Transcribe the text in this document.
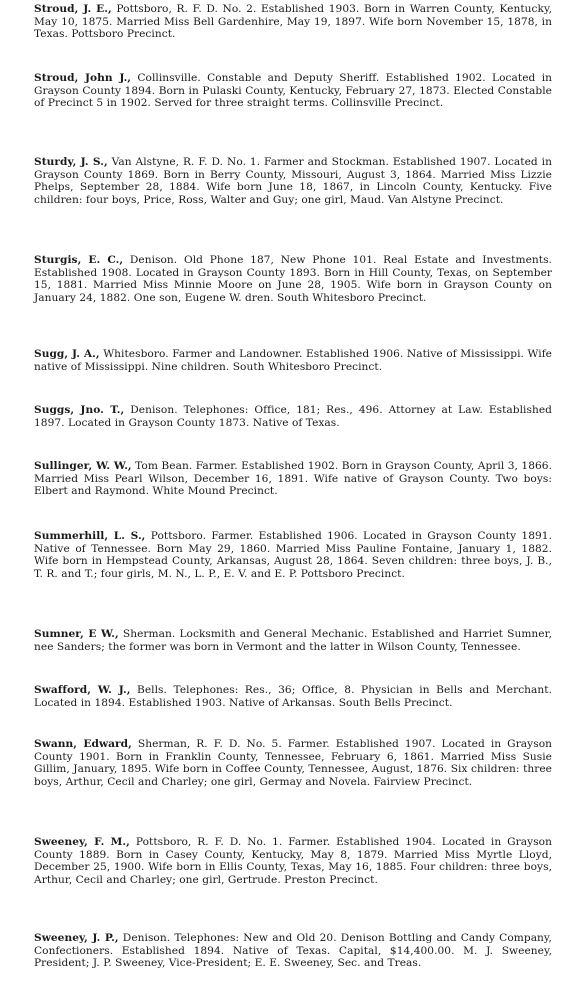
Stroud, J. E., Pottsboro, R. F. D. No. 2. Established 1903. Born in Warren County, Kentucky, May 10, 1875. Married Miss Bell Gardenhire, May 19, 1897. Wife born November 15, 1878, in Texas. Pottsboro Precinct.
Stroud, John J., Collinsville. Constable and Deputy Sheriff. Established 1902. Located in Grayson County 1894. Born in Pulaski County, Kentucky, February 27, 1873. Elected Constable of Precinct 5 in 1902. Served for three straight terms. Collinsville Precinct.
Sturdy, J. S., Van Alstyne, R. F. D. No. 1. Farmer and Stockman. Established 1907. Located in Grayson County 1869. Born in Berry County, Missouri, August 3, 1864. Married Miss Lizzie Phelps, September 28, 1884. Wife born June 18, 1867, in Lincoln County, Kentucky. Five children: four boys, Price, Ross, Walter and Guy; one girl, Maud. Van Alstyne Precinct.
Sturgis, E. C., Denison. Old Phone 187, New Phone 101. Real Estate and Investments. Established 1908. Located in Grayson County 1893. Born in Hill County, Texas, on September 15, 1881. Married Miss Minnie Moore on June 28, 1905. Wife born in Grayson County on January 24, 1882. One son, Eugene W. dren. South Whitesboro Precinct.
Sugg, J. A., Whitesboro. Farmer and Landowner. Established 1906. Native of Mississippi. Wife native of Mississippi. Nine children. South Whitesboro Precinct.
Suggs, Jno. T., Denison. Telephones: Office, 181; Res., 496. Attorney at Law. Established 1897. Located in Grayson County 1873. Native of Texas.
Sullinger, W. W., Tom Bean. Farmer. Established 1902. Born in Grayson County, April 3, 1866. Married Miss Pearl Wilson, December 16, 1891. Wife native of Grayson County. Two boys: Elbert and Raymond. White Mound Precinct.
Summerhill, L. S., Pottsboro. Farmer. Established 1906. Located in Grayson County 1891. Native of Tennessee. Born May 29, 1860. Married Miss Pauline Fontaine, January 1, 1882. Wife born in Hempstead County, Arkansas, August 28, 1864. Seven children: three boys, J. B., T. R. and T.; four girls, M. N., L. P., E. V. and E. P. Pottsboro Precinct.
Sumner, E W., Sherman. Locksmith and General Mechanic. Established and Harriet Sumner, nee Sanders; the former was born in Vermont and the latter in Wilson County, Tennessee.
Swafford, W. J., Bells. Telephones: Res., 36; Office, 8. Physician in Bells and Merchant. Located in 1894. Established 1903. Native of Arkansas. South Bells Precinct.
Swann, Edward, Sherman, R. F. D. No. 5. Farmer. Established 1907. Located in Grayson County 1901. Born in Franklin County, Tennessee, February 6, 1861. Married Miss Susie Gillim, January, 1895. Wife born in Coffee County, Tennessee, August, 1876. Six children: three boys, Arthur, Cecil and Charley; one girl, Germay and Novela. Fairview Precinct.
Sweeney, F. M., Pottsboro, R. F. D. No. 1. Farmer. Established 1904. Located in Grayson County 1889. Born in Casey County, Kentucky, May 8, 1879. Married Miss Myrtle Lloyd, December 25, 1900. Wife born in Ellis County, Texas, May 16, 1885. Four children: three boys, Arthur, Cecil and Charley; one girl, Gertrude. Preston Precinct.
Sweeney, J. P., Denison. Telephones: New and Old 20. Denison Bottling and Candy Company, Confectioners. Established 1894. Native of Texas. Capital, $14,400.00. M. J. Sweeney, President; J. P. Sweeney, Vice-President; E. E. Sweeney, Sec. and Treas.
